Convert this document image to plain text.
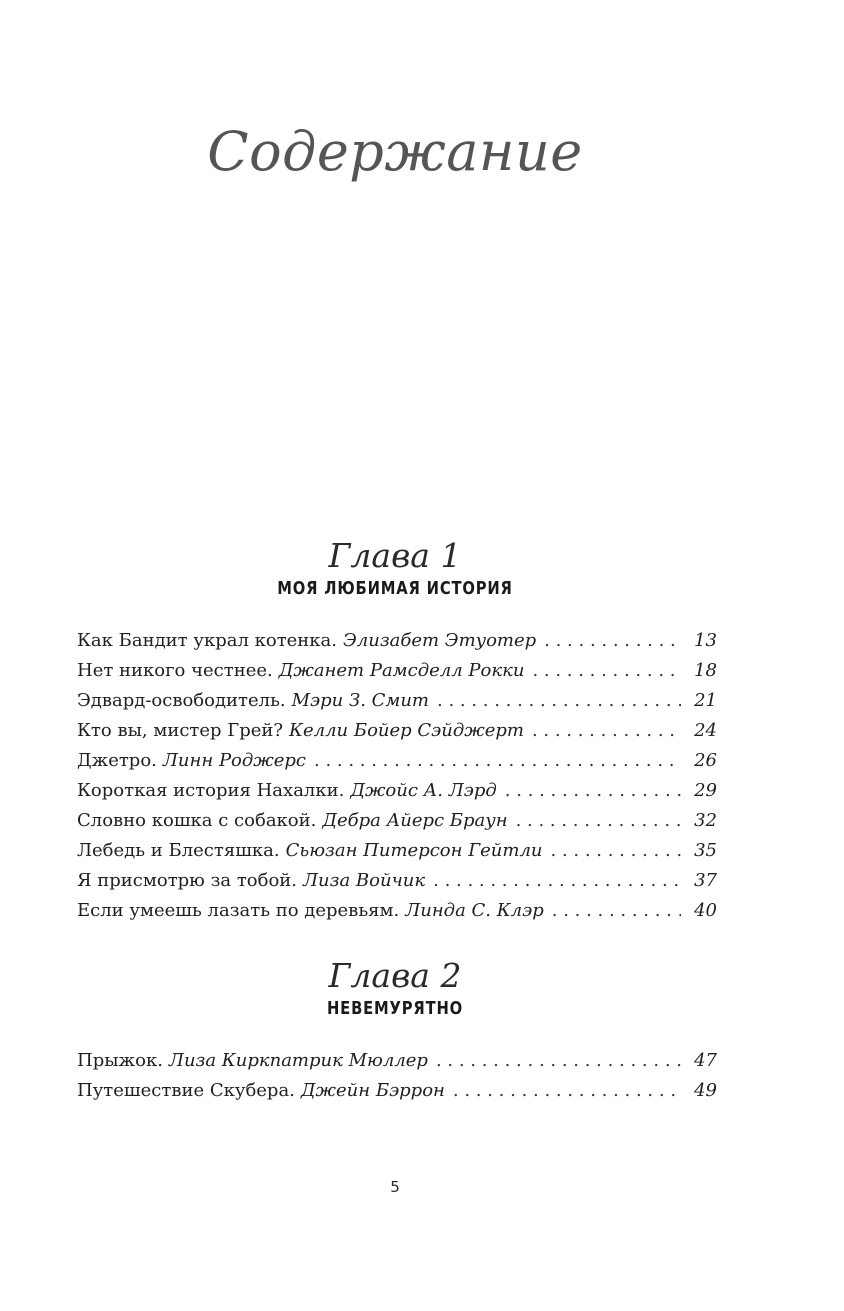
Содержание
Глава 1
МОЯ ЛЮБИМАЯ ИСТОРИЯ
Как Бандит украл котенка. Элизабет Этуотер . . .	13
Нет никого честнее. Джанет Рамсделл Рокки . . .	18
Эдвард-освободитель. Мэри З. Смит . . .	21
Кто вы, мистер Грей? Келли Бойер Сэйджерт . . .	24
Джетро. Линн Роджерс . . .	26
Короткая история Нахалки. Джойс А. Лэрд . . .	29
Словно кошка с собакой. Дебра Айерс Браун . . .	32
Лебедь и Блестяшка. Сьюзан Питерсон Гейтли . . .	35
Я присмотрю за тобой. Лиза Войчик . . .	37
Если умеешь лазать по деревьям. Линда С. Клэр . . .	40
Глава 2
НЕВЕМУРЯТНО
Прыжок. Лиза Киркпатрик Мюллер . . .	47
Путешествие Скубера. Джейн Бэррон . . .	49
5
